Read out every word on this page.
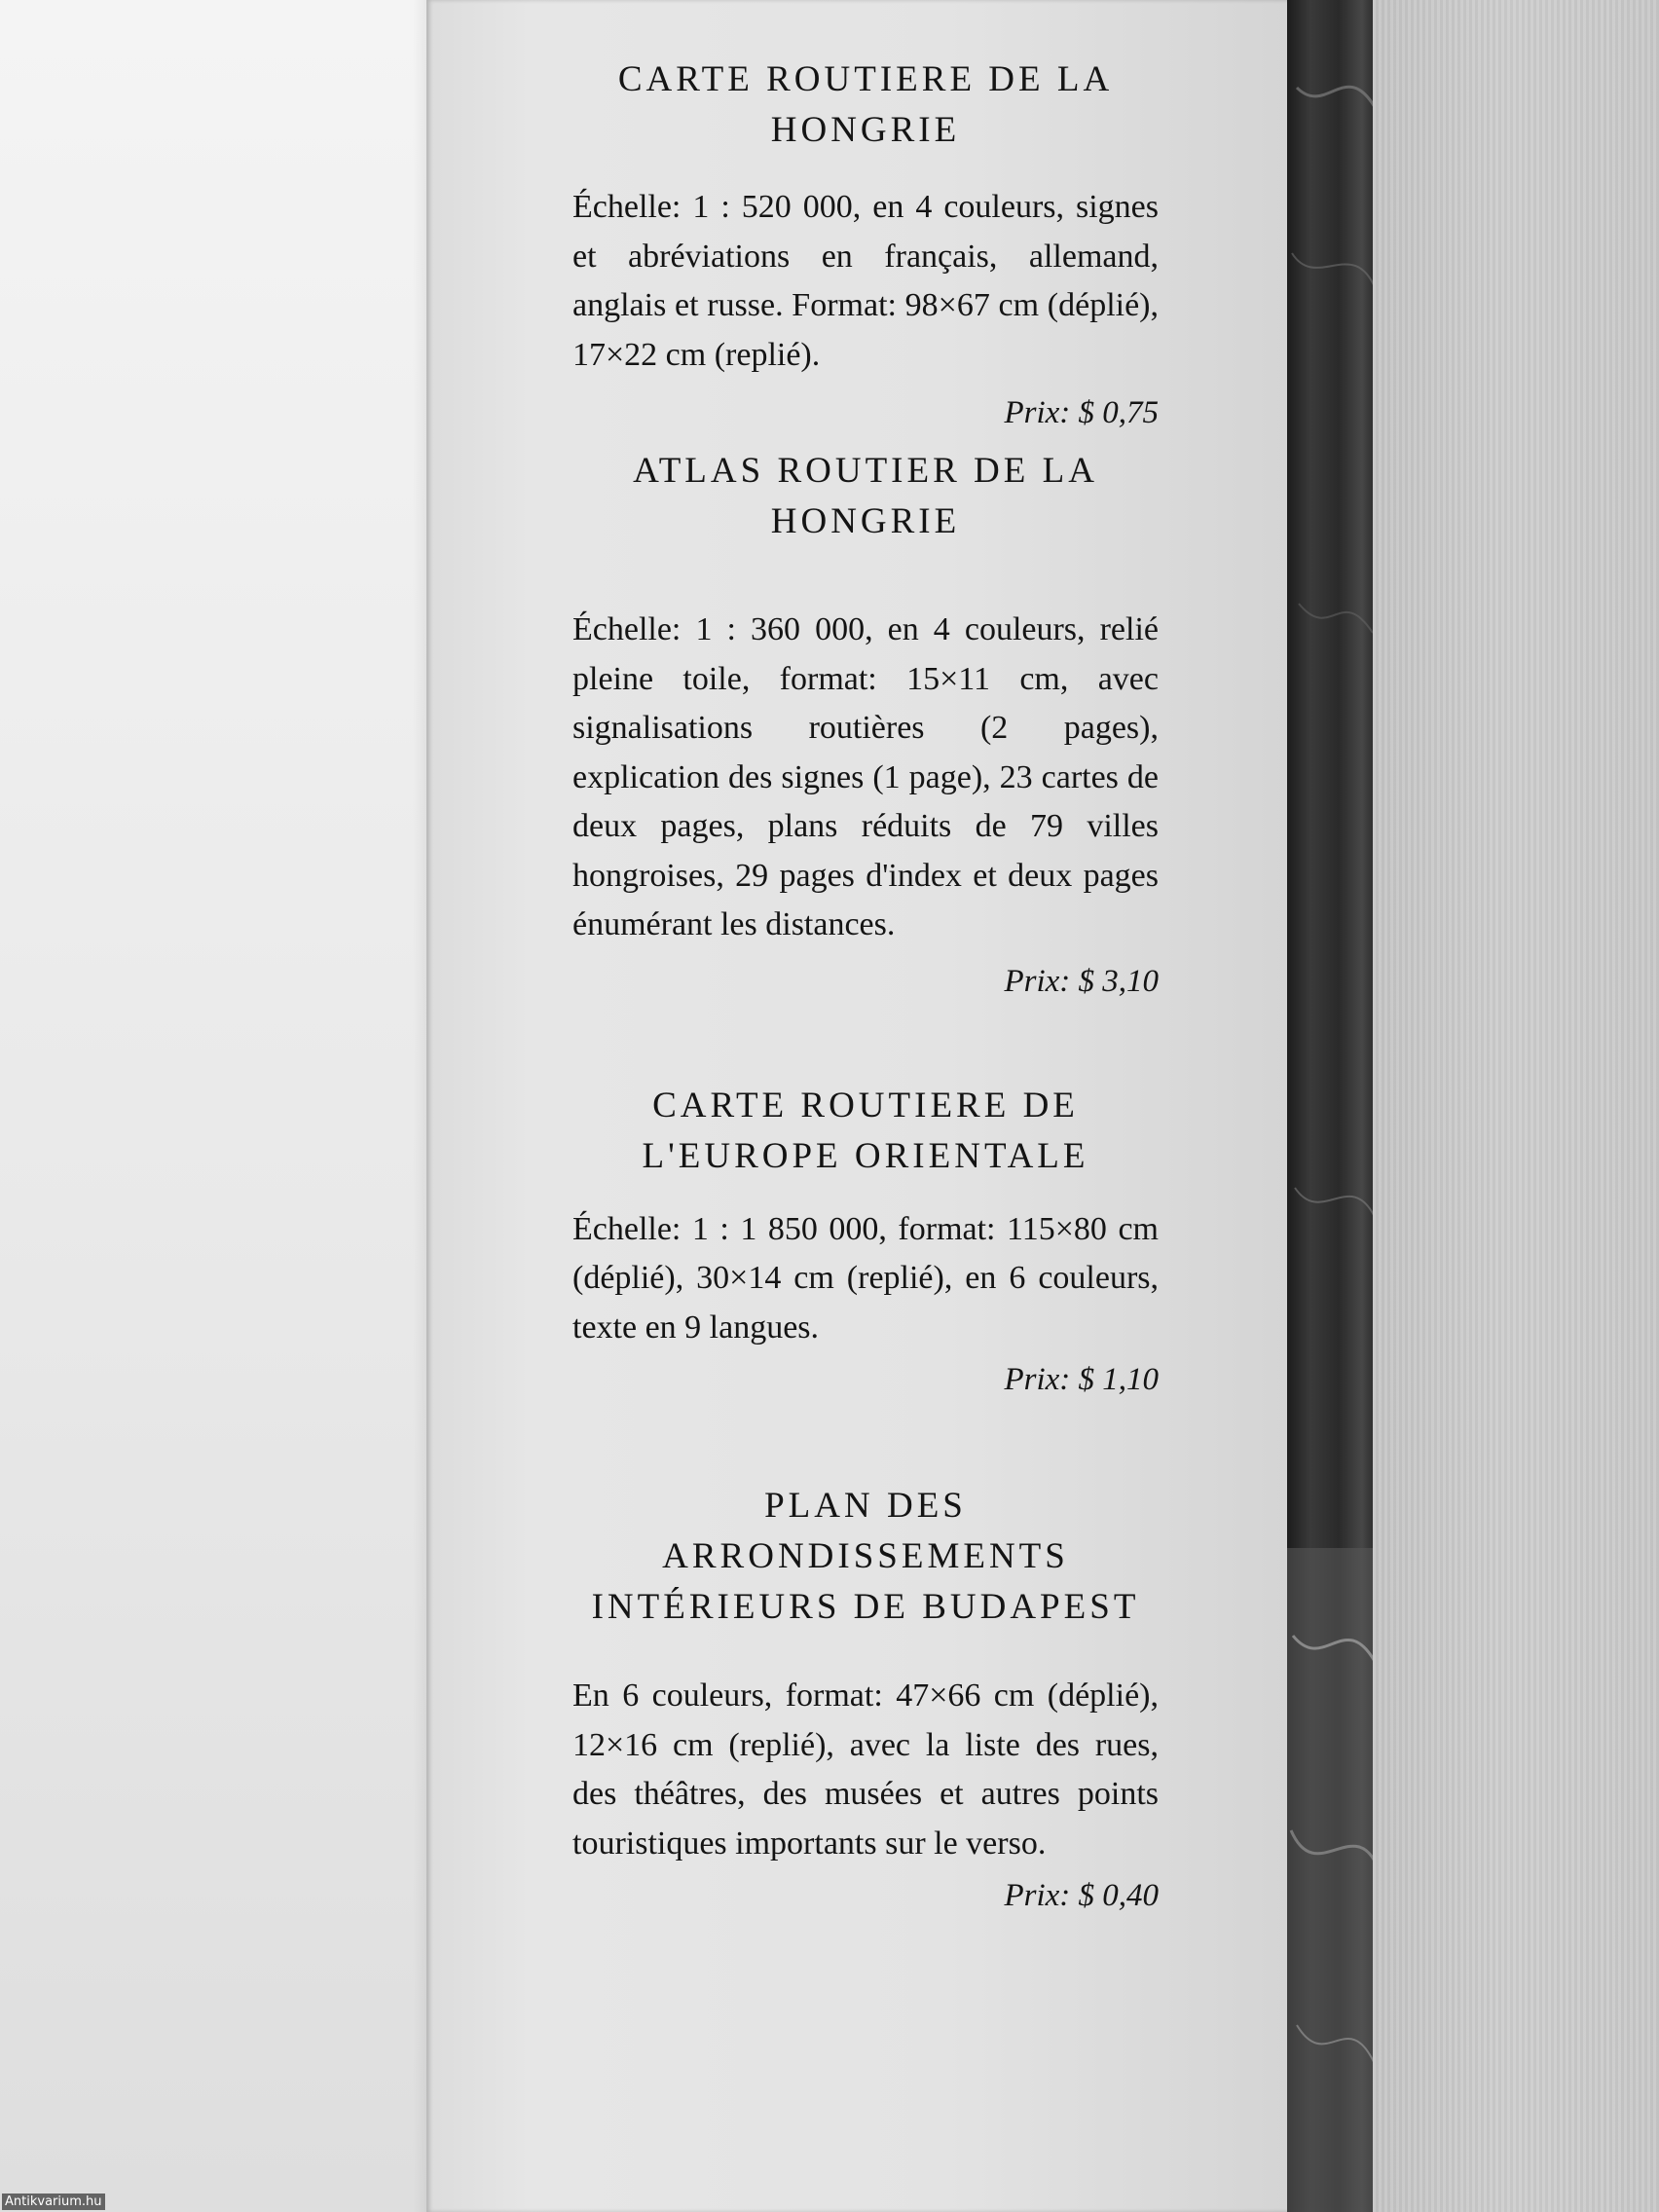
CARTE ROUTIERE DE LA HONGRIE

Échelle: 1 : 520 000, en 4 couleurs, signes et abréviations en français, allemand, anglais et russe. Format: 98×67 cm (déplié), 17×22 cm (replié).

Prix: $ 0,75

ATLAS ROUTIER DE LA HONGRIE

Échelle: 1 : 360 000, en 4 couleurs, relié pleine toile, format: 15×11 cm, avec signalisations routières (2 pages), explication des signes (1 page), 23 cartes de deux pages, plans réduits de 79 villes hongroises, 29 pages d'index et deux pages énumérant les distances.

Prix: $ 3,10

CARTE ROUTIERE DE L'EUROPE ORIENTALE

Échelle: 1 : 1 850 000, format: 115×80 cm (déplié), 30×14 cm (replié), en 6 couleurs, texte en 9 langues.

Prix: $ 1,10

PLAN DES ARRONDISSEMENTS INTÉRIEURS DE BUDAPEST

En 6 couleurs, format: 47×66 cm (déplié), 12×16 cm (replié), avec la liste des rues, des théâtres, des musées et autres points touristiques importants sur le verso.

Prix: $ 0,40

Antikvarium.hu
